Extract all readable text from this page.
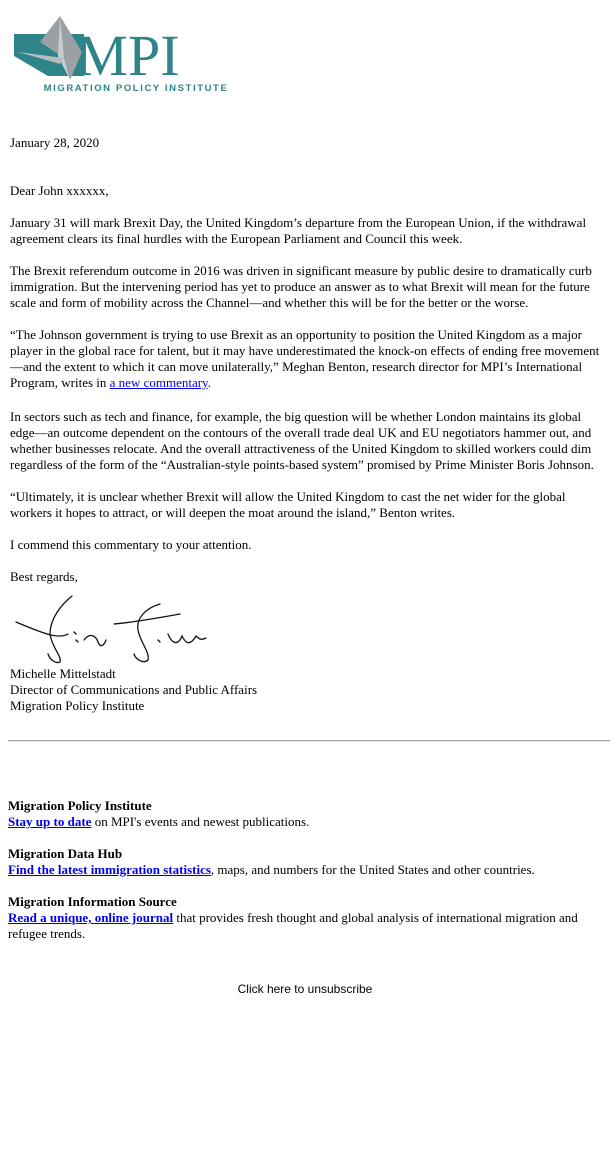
MPI
MIGRATION POLICY INSTITUTE

January 28, 2020

Dear John xxxxxx,

January 31 will mark Brexit Day, the United Kingdom’s departure from the European Union, if the withdrawal agreement clears its final hurdles with the European Parliament and Council this week.

The Brexit referendum outcome in 2016 was driven in significant measure by public desire to dramatically curb immigration. But the intervening period has yet to produce an answer as to what Brexit will mean for the future scale and form of mobility across the Channel—and whether this will be for the better or the worse.

“The Johnson government is trying to use Brexit as an opportunity to position the United Kingdom as a major player in the global race for talent, but it may have underestimated the knock-on effects of ending free movement—and the extent to which it can move unilaterally,” Meghan Benton, research director for MPI’s International Program, writes in a new commentary.

In sectors such as tech and finance, for example, the big question will be whether London maintains its global edge—an outcome dependent on the contours of the overall trade deal UK and EU negotiators hammer out, and whether businesses relocate. And the overall attractiveness of the United Kingdom to skilled workers could dim regardless of the form of the “Australian-style points-based system” promised by Prime Minister Boris Johnson.

“Ultimately, it is unclear whether Brexit will allow the United Kingdom to cast the net wider for the global workers it hopes to attract, or will deepen the moat around the island,” Benton writes.

I commend this commentary to your attention.

Best regards,

Michelle Mittelstadt
Director of Communications and Public Affairs
Migration Policy Institute
Migration Policy Institute
Stay up to date on MPI's events and newest publications.
Migration Data Hub
Find the latest immigration statistics, maps, and numbers for the United States and other countries.
Migration Information Source
Read a unique, online journal that provides fresh thought and global analysis of international migration and refugee trends.
Click here to unsubscribe
